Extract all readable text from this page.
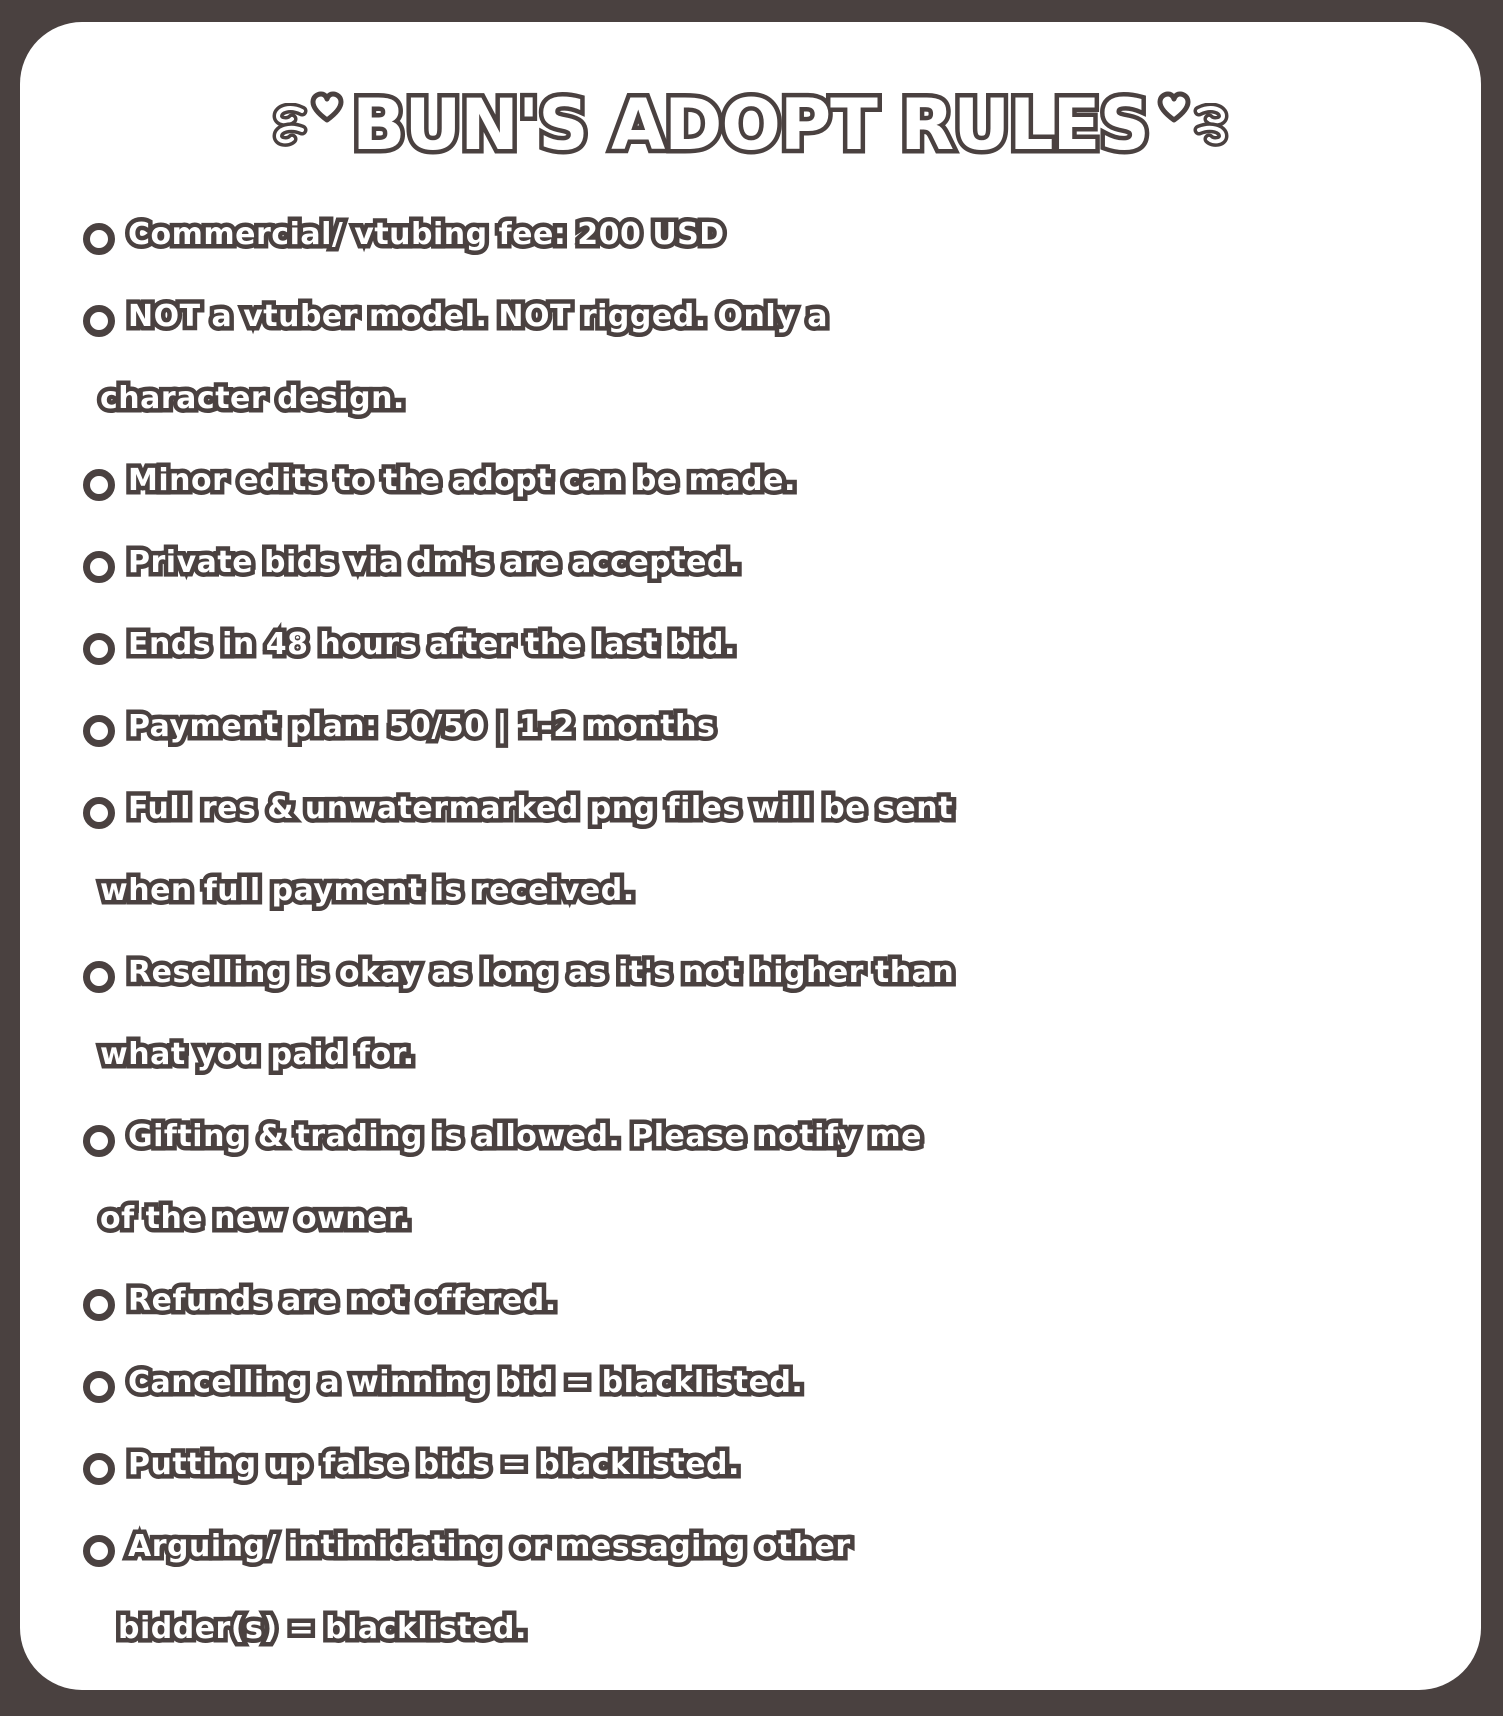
BUN'S ADOPT RULES
Commercial/ vtubing fee: 200 USD
NOT a vtuber model. NOT rigged. Only a
character design.
Minor edits to the adopt can be made.
Private bids via dm's are accepted.
Ends in 48 hours after the last bid.
Payment plan: 50/50 | 1-2 months
Full res & unwatermarked png files will be sent
when full payment is received.
Reselling is okay as long as it's not higher than
what you paid for.
Gifting & trading is allowed. Please notify me
of the new owner.
Refunds are not offered.
Cancelling a winning bid = blacklisted.
Putting up false bids = blacklisted.
Arguing/ intimidating or messaging other
bidder(s) = blacklisted.
